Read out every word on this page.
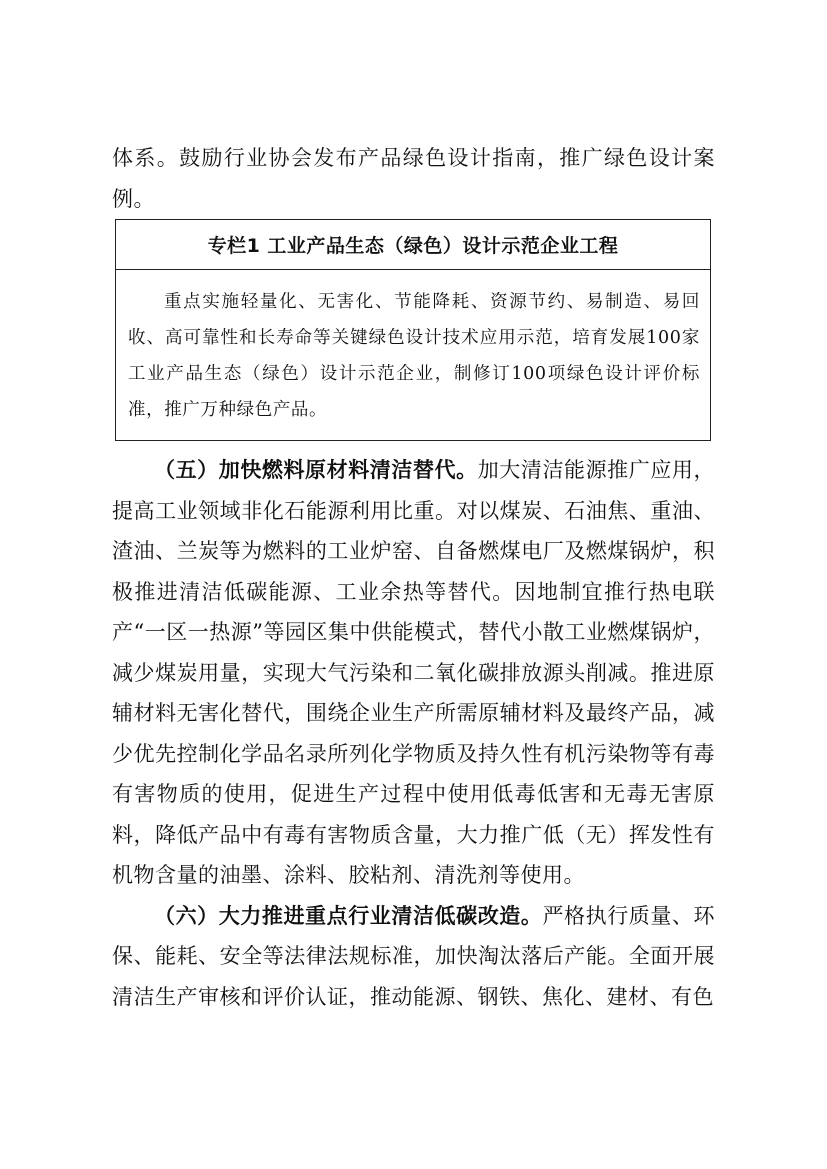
体系。鼓励行业协会发布产品绿色设计指南，推广绿色设计案例。

专栏1 工业产品生态（绿色）设计示范企业工程

重点实施轻量化、无害化、节能降耗、资源节约、易制造、易回收、高可靠性和长寿命等关键绿色设计技术应用示范，培育发展100家工业产品生态（绿色）设计示范企业，制修订100项绿色设计评价标准，推广万种绿色产品。

（五）加快燃料原材料清洁替代。加大清洁能源推广应用，提高工业领域非化石能源利用比重。对以煤炭、石油焦、重油、渣油、兰炭等为燃料的工业炉窑、自备燃煤电厂及燃煤锅炉，积极推进清洁低碳能源、工业余热等替代。因地制宜推行热电联产“一区一热源”等园区集中供能模式，替代小散工业燃煤锅炉，减少煤炭用量，实现大气污染和二氧化碳排放源头削减。推进原辅材料无害化替代，围绕企业生产所需原辅材料及最终产品，减少优先控制化学品名录所列化学物质及持久性有机污染物等有毒有害物质的使用，促进生产过程中使用低毒低害和无毒无害原料，降低产品中有毒有害物质含量，大力推广低（无）挥发性有机物含量的油墨、涂料、胶粘剂、清洗剂等使用。

（六）大力推进重点行业清洁低碳改造。严格执行质量、环保、能耗、安全等法律法规标准，加快淘汰落后产能。全面开展清洁生产审核和评价认证，推动能源、钢铁、焦化、建材、有色
